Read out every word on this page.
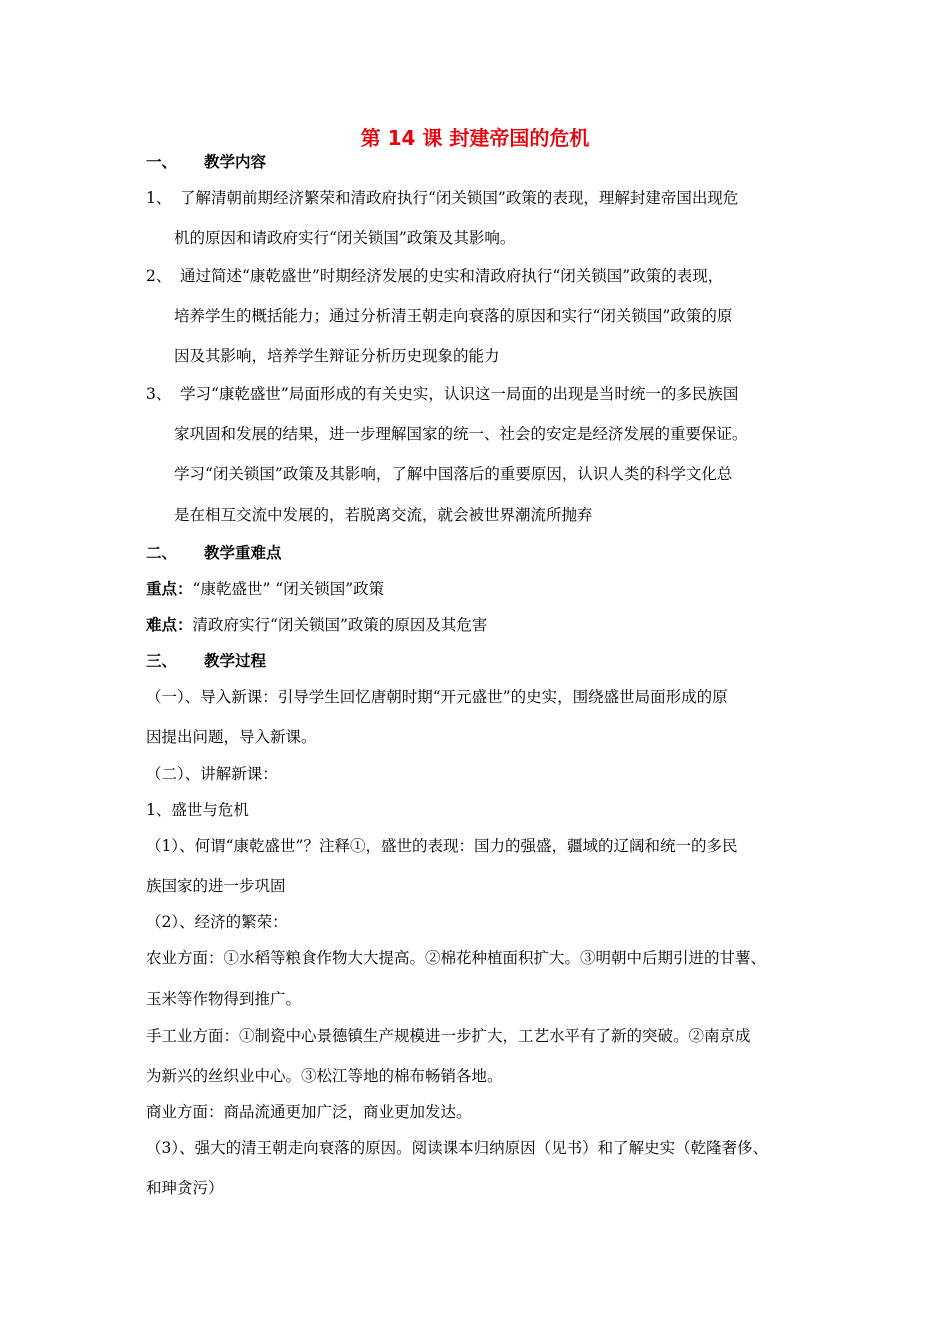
第 14 课 封建帝国的危机
一、 教学内容
1、 了解清朝前期经济繁荣和清政府执行“闭关锁国”政策的表现，理解封建帝国出现危
机的原因和请政府实行“闭关锁国”政策及其影响。
2、 通过简述“康乾盛世”时期经济发展的史实和清政府执行“闭关锁国”政策的表现，
培养学生的概括能力；通过分析清王朝走向衰落的原因和实行“闭关锁国”政策的原
因及其影响，培养学生辩证分析历史现象的能力
3、 学习“康乾盛世”局面形成的有关史实，认识这一局面的出现是当时统一的多民族国
家巩固和发展的结果，进一步理解国家的统一、社会的安定是经济发展的重要保证。
学习“闭关锁国”政策及其影响，了解中国落后的重要原因，认识人类的科学文化总
是在相互交流中发展的，若脱离交流，就会被世界潮流所抛弃
二、 教学重难点
重点：“康乾盛世” “闭关锁国”政策
难点：清政府实行“闭关锁国”政策的原因及其危害
三、 教学过程
（一）、导入新课：引导学生回忆唐朝时期“开元盛世”的史实，围绕盛世局面形成的原
因提出问题，导入新课。
（二）、讲解新课：
1、盛世与危机
（1）、何谓“康乾盛世”？注释①，盛世的表现：国力的强盛，疆域的辽阔和统一的多民
族国家的进一步巩固
（2）、经济的繁荣：
农业方面：①水稻等粮食作物大大提高。②棉花种植面积扩大。③明朝中后期引进的甘薯、
玉米等作物得到推广。
手工业方面：①制瓷中心景德镇生产规模进一步扩大，工艺水平有了新的突破。②南京成
为新兴的丝织业中心。③松江等地的棉布畅销各地。
商业方面：商品流通更加广泛，商业更加发达。
（3）、强大的清王朝走向衰落的原因。阅读课本归纳原因（见书）和了解史实（乾隆奢侈、
和珅贪污）
